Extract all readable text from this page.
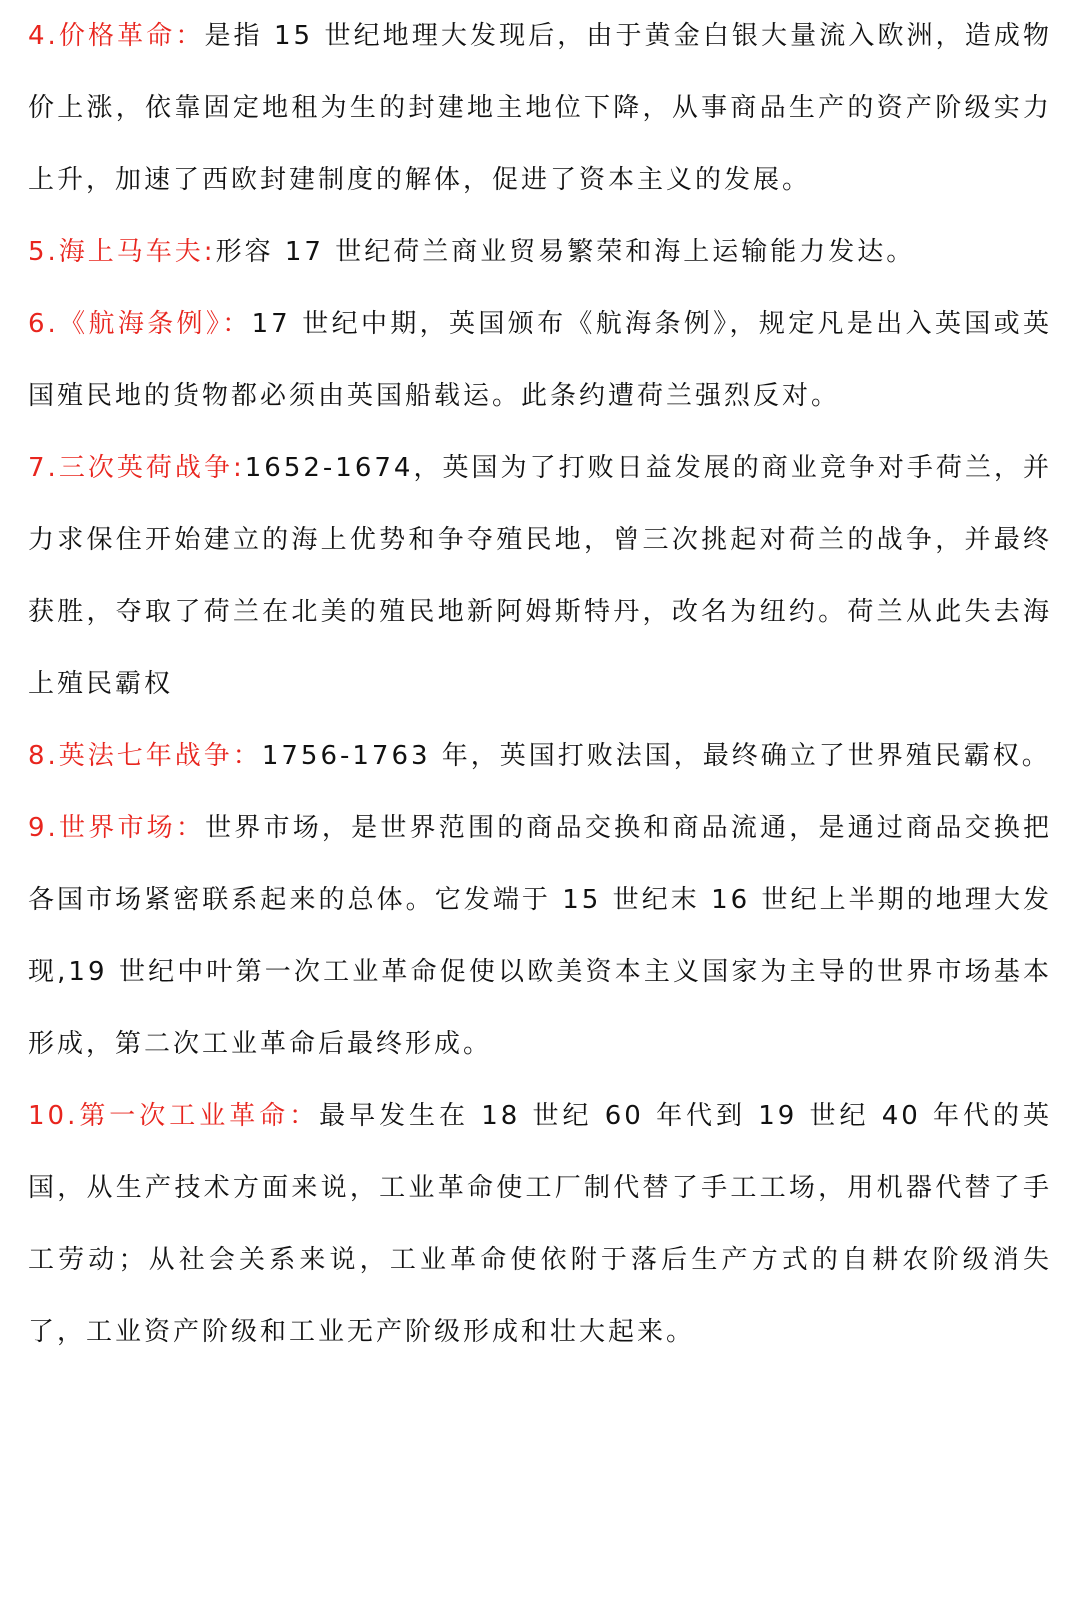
4.价格革命：是指 15 世纪地理大发现后，由于黄金白银大量流入欧洲，造成物价上涨，依靠固定地租为生的封建地主地位下降，从事商品生产的资产阶级实力上升，加速了西欧封建制度的解体，促进了资本主义的发展。

5.海上马车夫:形容 17 世纪荷兰商业贸易繁荣和海上运输能力发达。

6.《航海条例》：17 世纪中期，英国颁布《航海条例》，规定凡是出入英国或英国殖民地的货物都必须由英国船载运。此条约遭荷兰强烈反对。

7.三次英荷战争:1652-1674，英国为了打败日益发展的商业竞争对手荷兰，并力求保住开始建立的海上优势和争夺殖民地，曾三次挑起对荷兰的战争，并最终获胜，夺取了荷兰在北美的殖民地新阿姆斯特丹，改名为纽约。荷兰从此失去海上殖民霸权

8.英法七年战争：1756-1763 年，英国打败法国，最终确立了世界殖民霸权。

9.世界市场：世界市场，是世界范围的商品交换和商品流通，是通过商品交换把各国市场紧密联系起来的总体。它发端于 15 世纪末 16 世纪上半期的地理大发现,19 世纪中叶第一次工业革命促使以欧美资本主义国家为主导的世界市场基本形成，第二次工业革命后最终形成。

10.第一次工业革命：最早发生在 18 世纪 60 年代到 19 世纪 40 年代的英国，从生产技术方面来说，工业革命使工厂制代替了手工工场，用机器代替了手工劳动；从社会关系来说，工业革命使依附于落后生产方式的自耕农阶级消失了，工业资产阶级和工业无产阶级形成和壮大起来。
